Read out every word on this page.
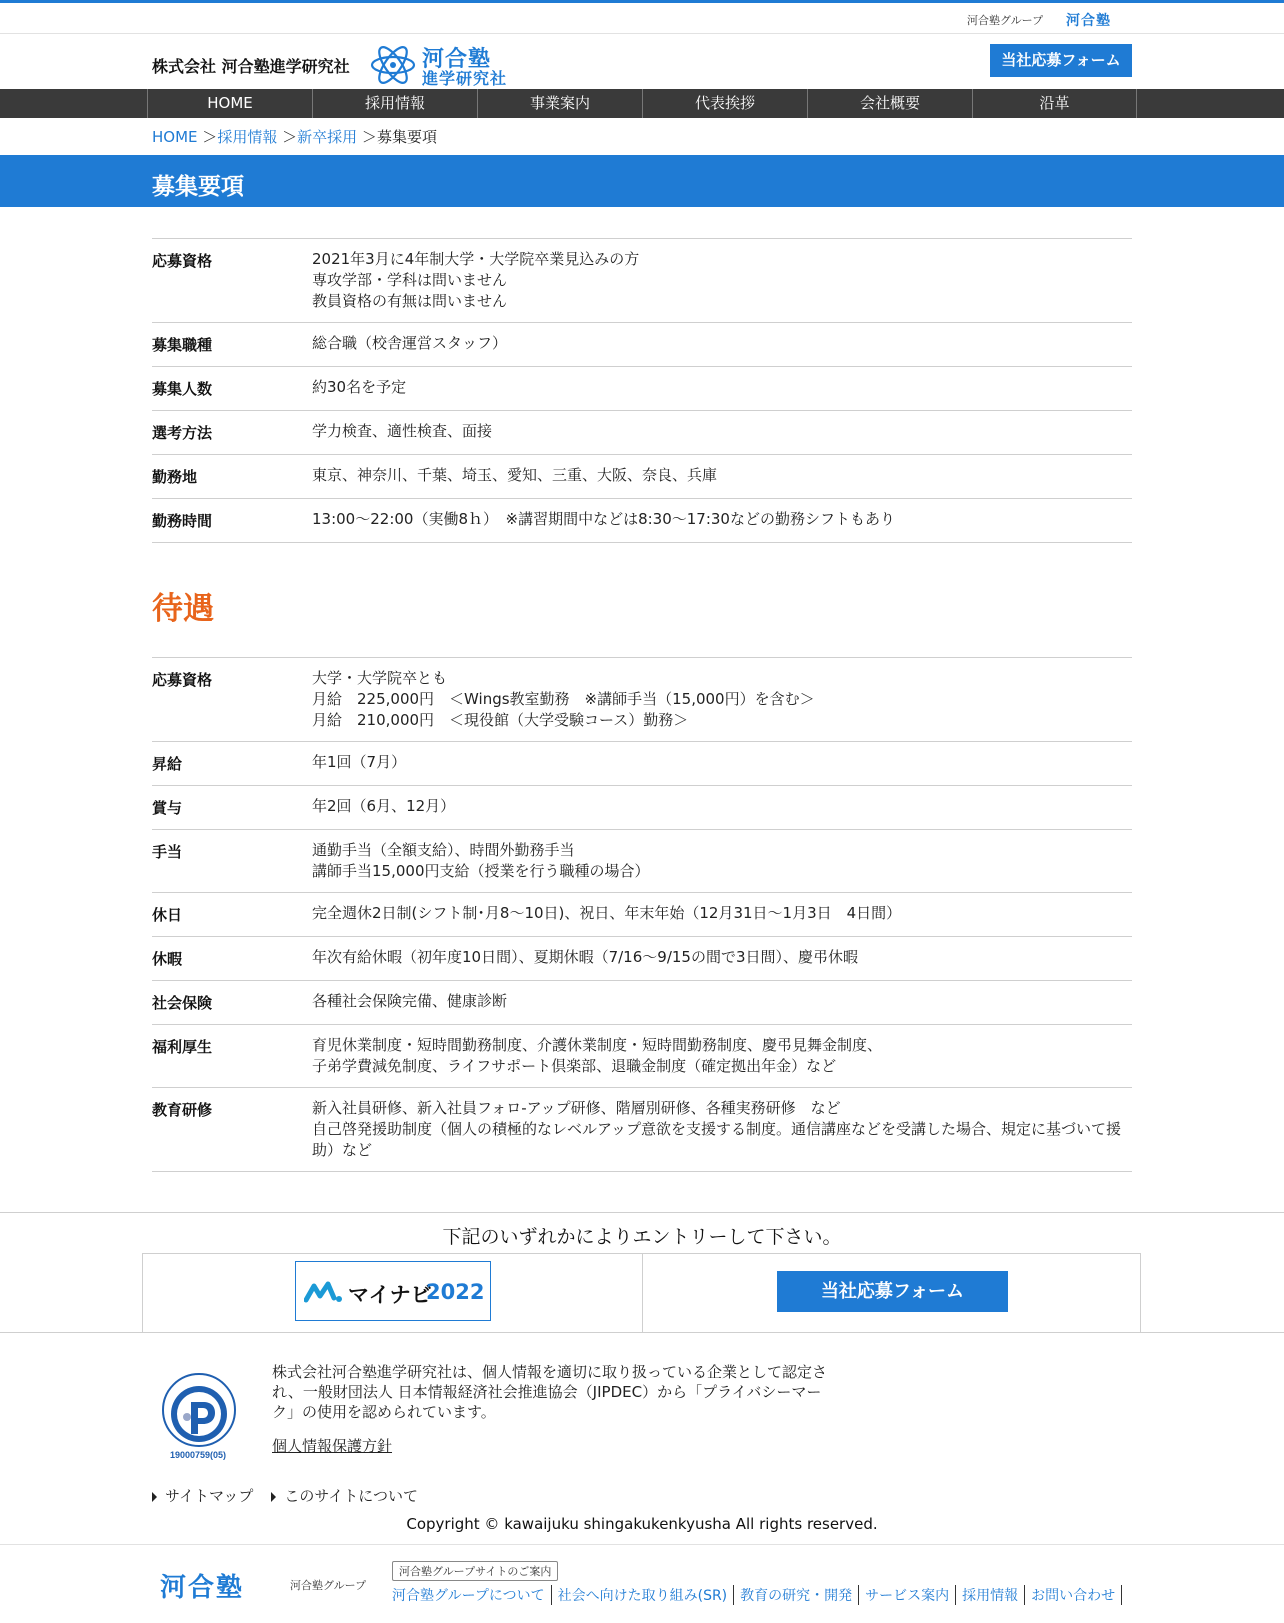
河合塾グループ 河合塾
株式会社 河合塾進学研究社	河合塾
進学研究社
当社応募フォーム
HOME	採用情報	事業案内	代表挨拶	会社概要	沿革
HOME ＞採用情報 ＞新卒採用 ＞募集要項
募集要項
応募資格	2021年3月に4年制大学・大学院卒業見込みの方
専攻学部・学科は問いません
教員資格の有無は問いません

募集職種	総合職（校舎運営スタッフ）

募集人数	約30名を予定

選考方法	学力検査、適性検査、面接

勤務地	東京、神奈川、千葉、埼玉、愛知、三重、大阪、奈良、兵庫

勤務時間	13:00～22:00（実働8ｈ）　※講習期間中などは8:30～17:30などの勤務シフトもあり
待遇
応募資格	大学・大学院卒とも
月給　225,000円　＜Wings教室勤務　※講師手当（15,000円）を含む＞
月給　210,000円　＜現役館（大学受験コース）勤務＞

昇給	年1回（7月）

賞与	年2回（6月、12月）

手当	通勤手当（全額支給）、時間外勤務手当
講師手当15,000円支給（授業を行う職種の場合）

休日	完全週休2日制(シフト制･月8～10日)、祝日、年末年始（12月31日～1月3日　4日間）

休暇	年次有給休暇（初年度10日間）、夏期休暇（7/16～9/15の間で3日間）、慶弔休暇

社会保険	各種社会保険完備、健康診断

福利厚生	育児休業制度・短時間勤務制度、介護休業制度・短時間勤務制度、慶弔見舞金制度、
子弟学費減免制度、ライフサポート倶楽部、退職金制度（確定拠出年金）など

教育研修	新入社員研修、新入社員フォロ-アップ研修、階層別研修、各種実務研修　など
自己啓発援助制度（個人の積極的なレベルアップ意欲を支援する制度。通信講座などを受講した場合、規定に基づいて援助）など
下記のいずれかによりエントリーして下さい。
マイナビ
2022	当社応募フォーム
19000759(05)
株式会社河合塾進学研究社は、個人情報を適切に取り扱っている企業として認定され、一般財団法人 日本情報経済社会推進協会（JIPDEC）から「プライバシーマーク」の使用を認められています。
個人情報保護方針
サイトマップ	このサイトについて
Copyright © kawaijuku shingakukenkyusha All rights reserved.
河合塾	河合塾グループ
河合塾グループサイトのご案内
河合塾グループについて 社会へ向けた取り組み(SR) 教育の研究・開発 サービス案内 採用情報 お問い合わせ
